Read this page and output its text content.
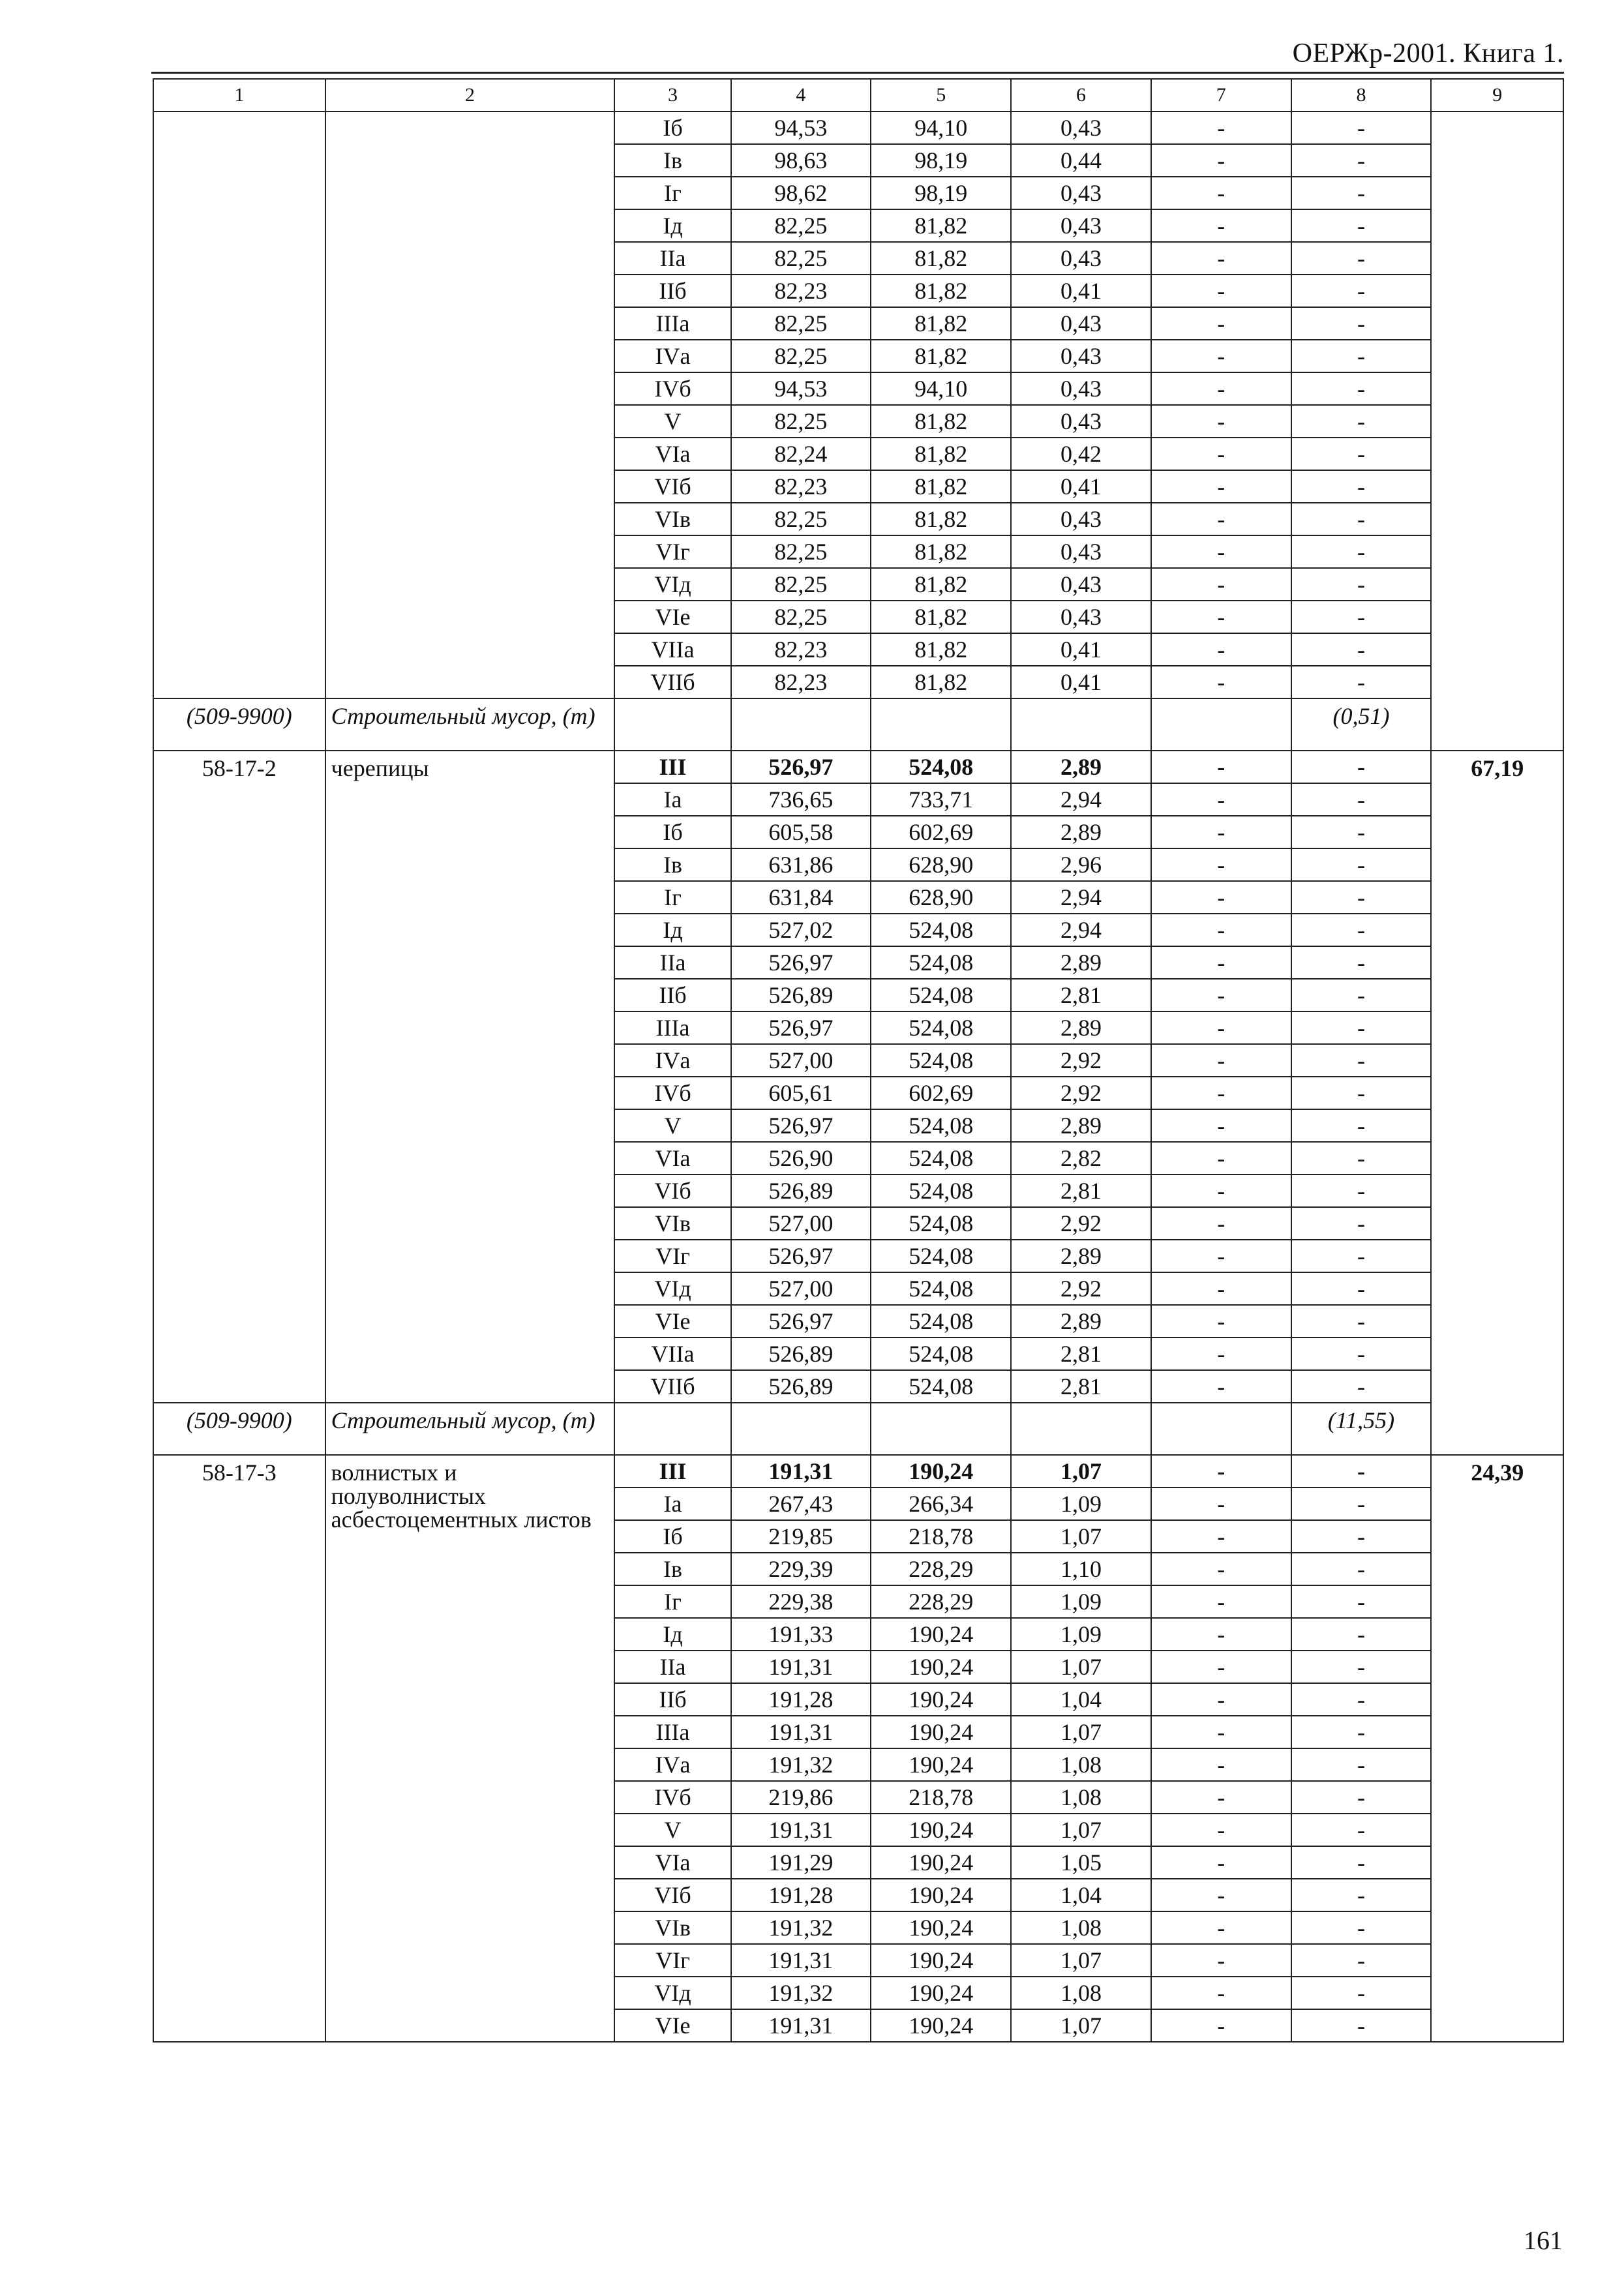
ОЕРЖр-2001. Книга 1.
1	2	3	4	5	6	7	8	9
		Iб	94,53	94,10	0,43	-	-	
		Iв	98,63	98,19	0,44	-	-	
		Iг	98,62	98,19	0,43	-	-	
		Iд	82,25	81,82	0,43	-	-	
		IIа	82,25	81,82	0,43	-	-	
		IIб	82,23	81,82	0,41	-	-	
		IIIа	82,25	81,82	0,43	-	-	
		IVа	82,25	81,82	0,43	-	-	
		IVб	94,53	94,10	0,43	-	-	
		V	82,25	81,82	0,43	-	-	
		VIа	82,24	81,82	0,42	-	-	
		VIб	82,23	81,82	0,41	-	-	
		VIв	82,25	81,82	0,43	-	-	
		VIг	82,25	81,82	0,43	-	-	
		VIд	82,25	81,82	0,43	-	-	
		VIе	82,25	81,82	0,43	-	-	
		VIIа	82,23	81,82	0,41	-	-	
		VIIб	82,23	81,82	0,41	-	-	
(509-9900)	Строительный мусор, (т)						(0,51)	
58-17-2	черепицы	III	526,97	524,08	2,89	-	-	67,19
		Iа	736,65	733,71	2,94	-	-	
		Iб	605,58	602,69	2,89	-	-	
		Iв	631,86	628,90	2,96	-	-	
		Iг	631,84	628,90	2,94	-	-	
		Iд	527,02	524,08	2,94	-	-	
		IIа	526,97	524,08	2,89	-	-	
		IIб	526,89	524,08	2,81	-	-	
		IIIа	526,97	524,08	2,89	-	-	
		IVа	527,00	524,08	2,92	-	-	
		IVб	605,61	602,69	2,92	-	-	
		V	526,97	524,08	2,89	-	-	
		VIа	526,90	524,08	2,82	-	-	
		VIб	526,89	524,08	2,81	-	-	
		VIв	527,00	524,08	2,92	-	-	
		VIг	526,97	524,08	2,89	-	-	
		VIд	527,00	524,08	2,92	-	-	
		VIе	526,97	524,08	2,89	-	-	
		VIIа	526,89	524,08	2,81	-	-	
		VIIб	526,89	524,08	2,81	-	-	
(509-9900)	Строительный мусор, (т)						(11,55)	
58-17-3	волнистых и полуволнистых асбестоцементных листов	III	191,31	190,24	1,07	-	-	24,39
		Iа	267,43	266,34	1,09	-	-	
		Iб	219,85	218,78	1,07	-	-	
		Iв	229,39	228,29	1,10	-	-	
		Iг	229,38	228,29	1,09	-	-	
		Iд	191,33	190,24	1,09	-	-	
		IIа	191,31	190,24	1,07	-	-	
		IIб	191,28	190,24	1,04	-	-	
		IIIа	191,31	190,24	1,07	-	-	
		IVа	191,32	190,24	1,08	-	-	
		IVб	219,86	218,78	1,08	-	-	
		V	191,31	190,24	1,07	-	-	
		VIа	191,29	190,24	1,05	-	-	
		VIб	191,28	190,24	1,04	-	-	
		VIв	191,32	190,24	1,08	-	-	
		VIг	191,31	190,24	1,07	-	-	
		VIд	191,32	190,24	1,08	-	-	
		VIе	191,31	190,24	1,07	-	-	
161
